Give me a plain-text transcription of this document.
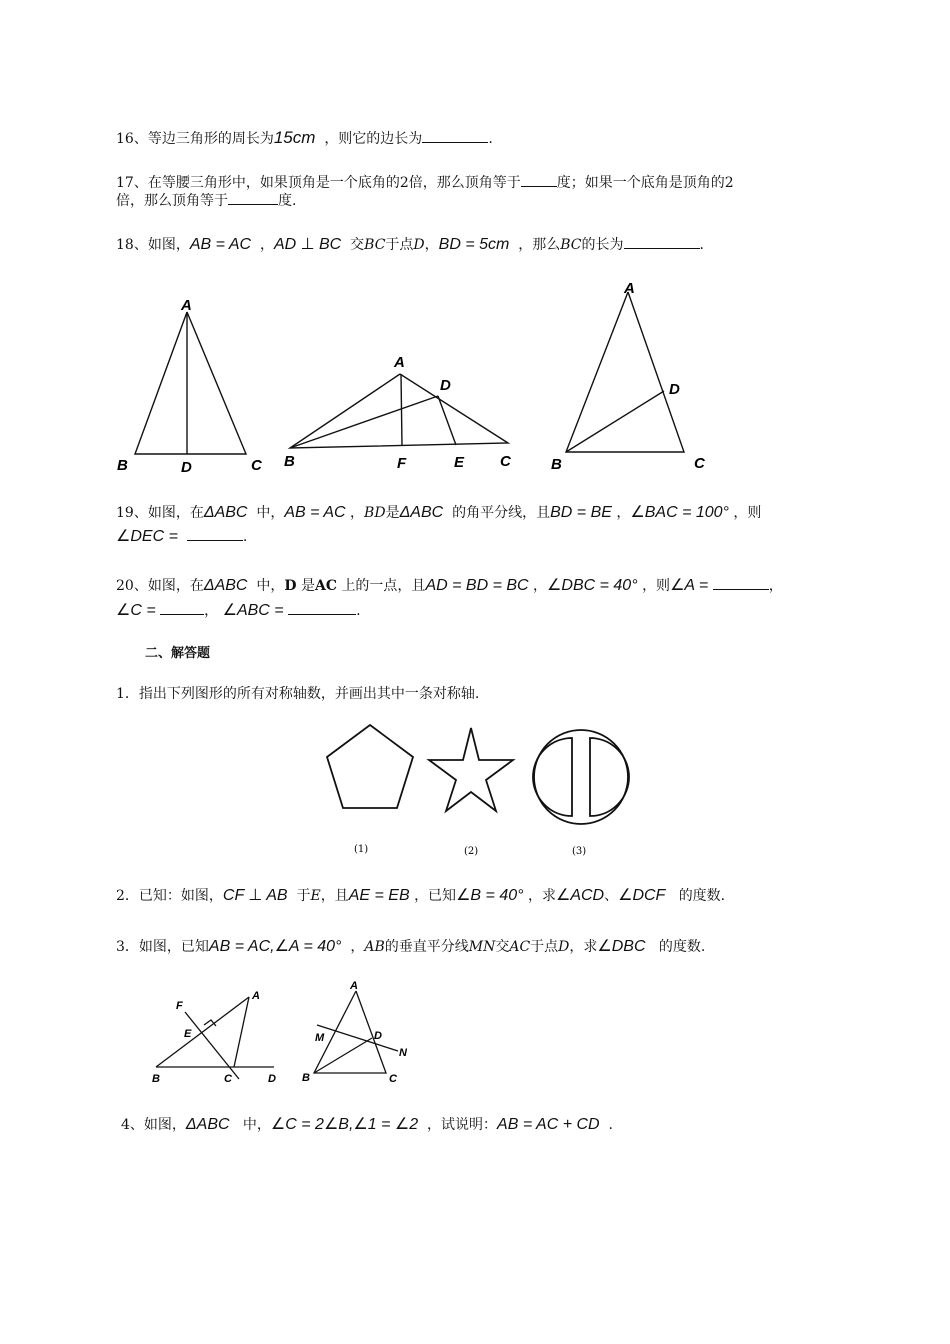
16、等边三角形的周长为15cm ，则它的边长为	.
17、在等腰三角形中，如果顶角是一个底角的2倍，那么顶角等于	度；如果一个底角是顶角的2
倍，那么顶角等于	度.
18、如图，AB = AC ，AD ⊥ BC 交BC于点D，BD = 5cm ，那么BC的长为	.
A
B	D	C
A
D
B	F	E C
A
D
B	C
19、如图，在ΔABC 中，AB = AC ，BD是ΔABC 的角平分线，且BD = BE ，∠BAC = 100° ，则
∠DEC =	.
20、如图，在ΔABC 中，D 是AC 上的一点，且AD = BD = BC ，∠DBC = 40° ，则∠A =	，
∠C =	， ∠ABC =	.
二、解答题
1．指出下列图形的所有对称轴数，并画出其中一条对称轴.
(1)	(2)	(3)
2．已知：如图，CF ⊥ AB 于E，且AE = EB ，已知∠B = 40° ，求∠ACD、∠DCF 的度数.
3．如图，已知AB = AC,∠A = 40° ，AB的垂直平分线MN交AC于点D，求∠DBC 的度数.
A
F
E
B	C	D
A
M	D
N
B	C
4、如图，ΔABC 中，∠C = 2∠B,∠1 = ∠2 ，试说明：AB = AC + CD .
